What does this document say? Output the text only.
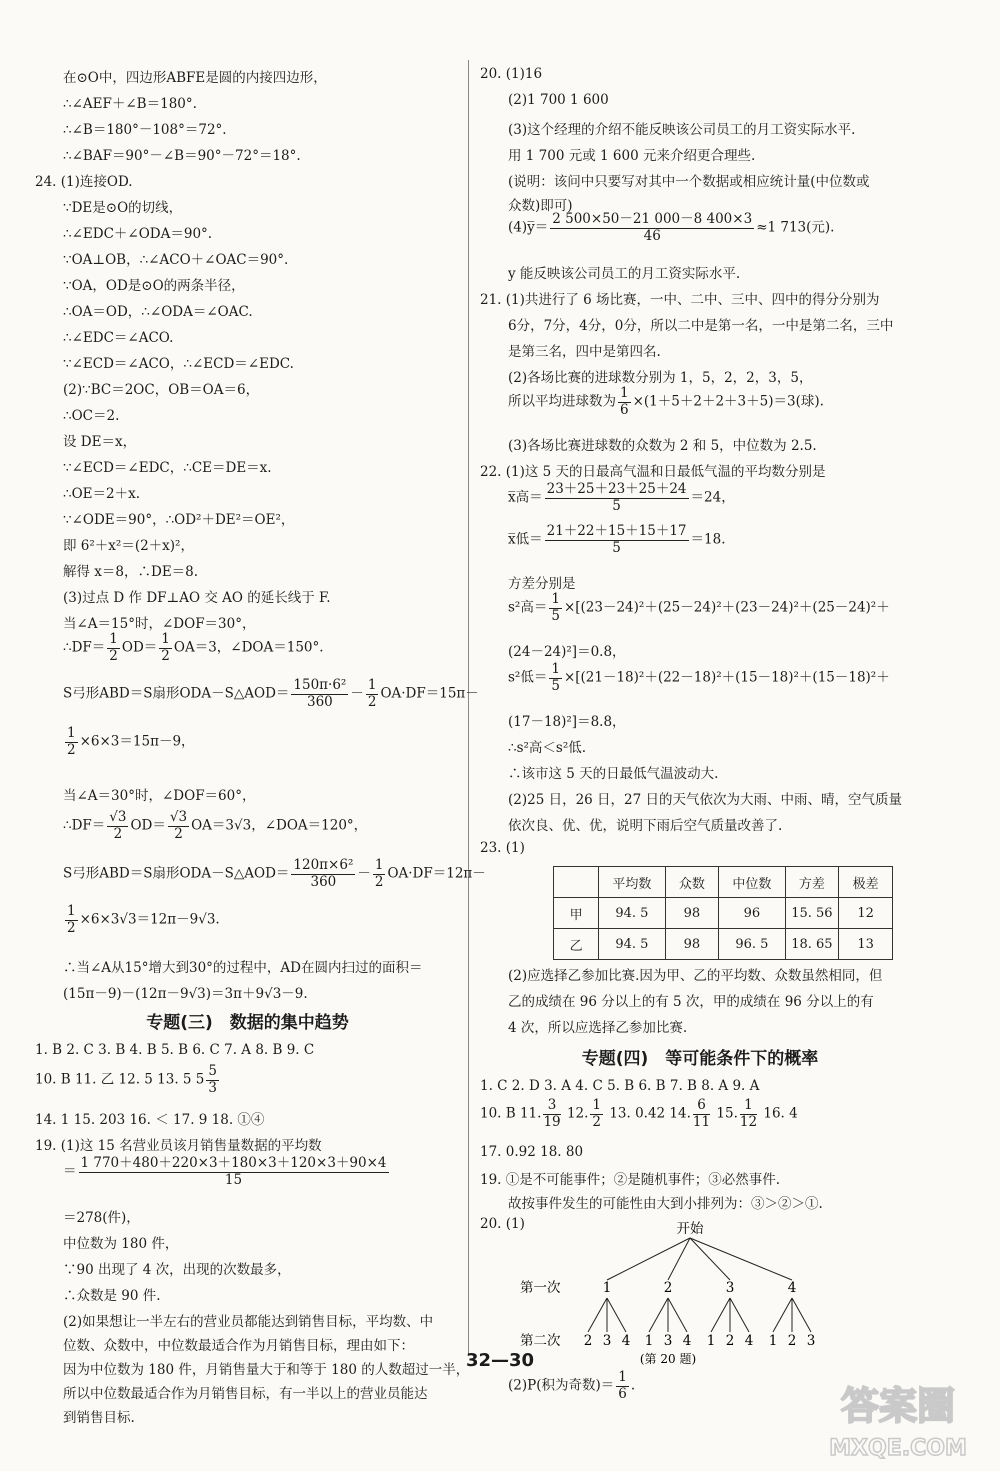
在⊙O中，四边形ABFE是圆的内接四边形，
∴∠AEF＋∠B＝180°.
∴∠B＝180°－108°＝72°.
∴∠BAF＝90°－∠B＝90°－72°＝18°.
24. (1)连接OD.
∵DE是⊙O的切线，
∴∠EDC＋∠ODA＝90°.
∵OA⊥OB，∴∠ACO＋∠OAC＝90°.
∵OA，OD是⊙O的两条半径，
∴OA＝OD，∴∠ODA＝∠OAC.
∴∠EDC＝∠ACO.
∵∠ECD＝∠ACO，∴∠ECD＝∠EDC.
(2)∵BC＝2OC，OB＝OA＝6，
∴OC＝2.
设 DE＝x，
∵∠ECD＝∠EDC，∴CE＝DE＝x.
∴OE＝2＋x.
∵∠ODE＝90°，∴OD²＋DE²＝OE²，
即 6²＋x²＝(2＋x)²，
解得 x＝8，∴DE＝8.
(3)过点 D 作 DF⊥AO 交 AO 的延长线于 F.
当∠A＝15°时，∠DOF＝30°，
∴DF＝ $\frac{1}{2} OD= \frac{1}{2} OA=3$，∠DOA＝150°.
S弓形ABD＝S扇形ODA－S△AOD＝ $\frac{\text{150π·6²}}{360} - \frac{1}{2} OA\cdot DF=15\pi-$
$\frac{1}{2} \times 6\times 3=15\pi-9$，
当∠A＝30°时，∠DOF＝60°，
∴DF＝ $\frac{√3}{2} OD= \frac{√3}{2} OA=3√3$，∠DOA＝120°，
S弓形ABD＝S扇形ODA－S△AOD＝ $\frac{\text{120π×6²}}{360} - \frac{1}{2} OA\cdot DF=12\pi-$
$\frac{1}{2} \times 6\times 3√3=12\pi-9√3$.
∴当∠A从15°增大到30°的过程中，AD在圆内扫过的面积＝
(15π－9)－(12π－9√3)＝3π＋9√3－9.
专题(三)　数据的集中趋势
1. B 2. C 3. B 4. B 5. B 6. C 7. A 8. B 9. C
10. B 11. 乙 12. 5 13. 5 $5 \frac{5}{3}$
14. 1 15. 203 16. ＜ 17. 9 18. ①④
19. (1)这 15 名营业员该月销售量数据的平均数
＝ $\frac{1 770+480+220\times 3+180\times 3+120\times 3+90\times 4}{15}$
＝278(件)，
中位数为 180 件，
∵90 出现了 4 次，出现的次数最多，
∴众数是 90 件.
(2)如果想让一半左右的营业员都能达到销售目标，平均数、中
位数、众数中，中位数最适合作为月销售目标，理由如下：
因为中位数为 180 件，月销售量大于和等于 180 的人数超过一半，
所以中位数最适合作为月销售目标，有一半以上的营业员能达
到销售目标.
20. (1)16
(2)1 700 1 600
(3)这个经理的介绍不能反映该公司员工的月工资实际水平.
用 1 700 元或 1 600 元来介绍更合理些.
(说明：该问中只要写对其中一个数据或相应统计量(中位数或
众数)即可)
(4)y̅＝ $\frac{2 500\times 50-21 000-8 400\times 3}{46} \approx 1$ 713(元).
y 能反映该公司员工的月工资实际水平.
21. (1)共进行了 6 场比赛，一中、二中、三中、四中的得分分别为
6分，7分，4分，0分，所以二中是第一名，一中是第二名，三中
是第三名，四中是第四名.
(2)各场比赛的进球数分别为 1，5，2，2，3，5，
所以平均进球数为 $\frac{1}{6} \times(1+5+2+2+3+5)=3$(球).
(3)各场比赛进球数的众数为 2 和 5，中位数为 2.5.
22. (1)这 5 天的日最高气温和日最低气温的平均数分别是
x̅高＝ $\frac{23+25+23+25+24}{5} =24$，
x̅低＝ $\frac{21+22+15+15+17}{5} =18$.
方差分别是
s²高＝ $\frac{1}{5} \times[(23-24)^2+(25-24)^2+(23-24)^2+(25-24)^2+$
(24－24)²]＝0.8，
s²低＝ $\frac{1}{5} \times[(21-18)^2+(22-18)^2+(15-18)^2+(15-18)^2+$
(17－18)²]＝8.8，
∴s²高＜s²低.
∴该市这 5 天的日最低气温波动大.
(2)25 日，26 日，27 日的天气依次为大雨、中雨、晴，空气质量
依次良、优、优，说明下雨后空气质量改善了.
23. (1)
	平均数	众数	中位数	方差	极差
甲	94. 5	98	96	15. 56	12
乙	94. 5	98	96. 5	18. 65	13
(2)应选择乙参加比赛.因为甲、乙的平均数、众数虽然相同，但
乙的成绩在 96 分以上的有 5 次，甲的成绩在 96 分以上的有
4 次，所以应选择乙参加比赛.
专题(四)　等可能条件下的概率
1. C 2. D 3. A 4. C 5. B 6. B 7. B 8. A 9. A
10. B 11. $\frac{3}{19} 12$. $\frac{1}{2} 13$. 0.42 14. $\frac{6}{11} 15$. $\frac{1}{12} 16$. 4
17. 0.92 18. 80
19. ①是不可能事件；②是随机事件；③必然事件.
故按事件发生的可能性由大到小排列为：③＞②＞①.
20. (1)	开始
第一次	1	2	3	4
第二次 2 3 4 1 3 4 1 2 4 1 2 3
(第 20 题)
(2)P(积为奇数)＝ $\frac{1}{6}$ .
32—30
答案圈
MXQE.COM
